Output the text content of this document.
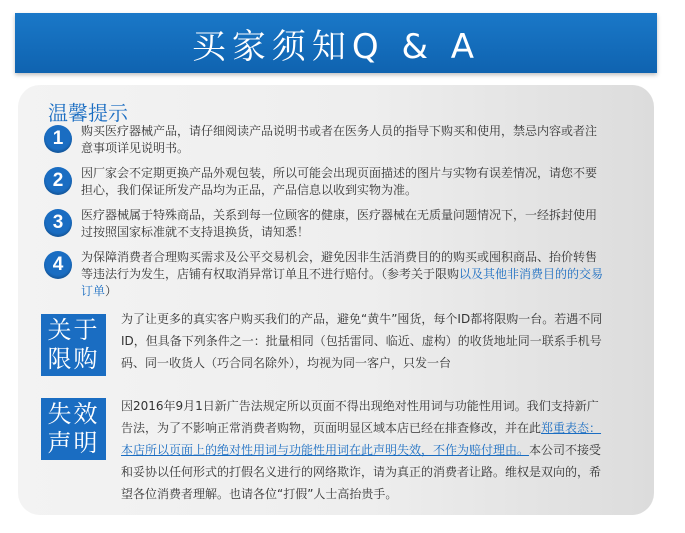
买家须知Q & A
温馨提示
1	购买医疗器械产品，请仔细阅读产品说明书或者在医务人员的指导下购买和使用，禁忌内容或者注意事项详见说明书。
2	因厂家会不定期更换产品外观包装，所以可能会出现页面描述的图片与实物有误差情况，请您不要担心，我们保证所发产品均为正品，产品信息以收到实物为准。
3	医疗器械属于特殊商品，关系到每一位顾客的健康，医疗器械在无质量问题情况下，一经拆封使用过按照国家标准就不支持退换货，请知悉！
4	为保障消费者合理购买需求及公平交易机会，避免因非生活消费目的的购买或囤积商品、抬价转售等违法行为发生，店铺有权取消异常订单且不进行赔付。（参考关于限购以及其他非消费目的的交易订单）
关于限购
为了让更多的真实客户购买我们的产品，避免“黄牛”囤货，每个ID都将限购一台。若遇不同ID，但具备下列条件之一：批量相同（包括雷同、临近、虚构）的收货地址同一联系手机号码、同一收货人（巧合同名除外），均视为同一客户，只发一台
失效声明
因2016年9月1日新广告法规定所以页面不得出现绝对性用词与功能性用词。我们支持新广告法，为了不影响正常消费者购物，页面明显区域本店已经在排查修改，并在此郑重表态：本店所以页面上的绝对性用词与功能性用词在此声明失效，不作为赔付理由。本公司不接受和妥协以任何形式的打假名义进行的网络欺诈，请为真正的消费者让路。维权是双向的，希望各位消费者理解。也请各位“打假”人士高抬贵手。
